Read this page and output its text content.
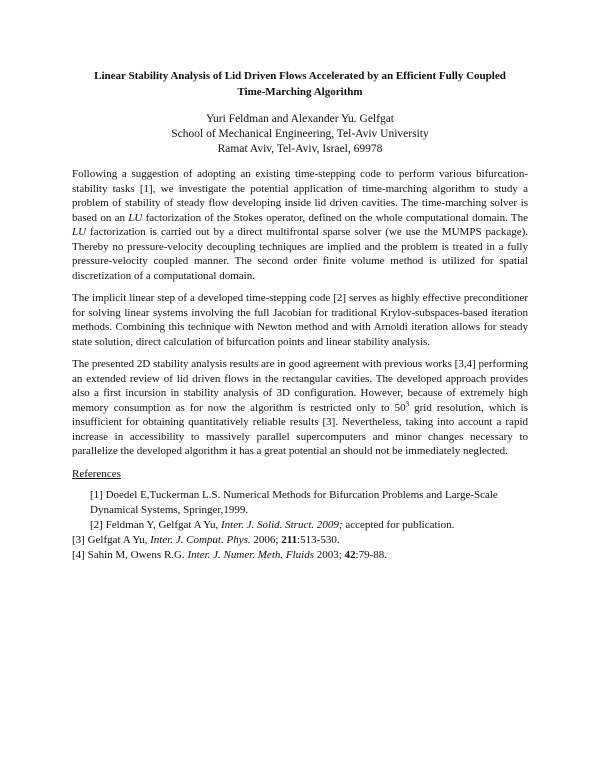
Linear Stability Analysis of Lid Driven Flows Accelerated by an Efficient Fully Coupled
Time-Marching Algorithm
Yuri Feldman and Alexander Yu. Gelfgat
School of Mechanical Engineering, Tel-Aviv University
Ramat Aviv, Tel-Aviv, Israel, 69978

Following a suggestion of adopting an existing time-stepping code to perform various bifurcation-stability tasks [1], we investigate the potential application of time-marching algorithm to study a problem of stability of steady flow developing inside lid driven cavities. The time-marching solver is based on an LU factorization of the Stokes operator, defined on the whole computational domain. The LU factorization is carried out by a direct multifrontal sparse solver (we use the MUMPS package). Thereby no pressure-velocity decoupling techniques are implied and the problem is treated in a fully pressure-velocity coupled manner. The second order finite volume method is utilized for spatial discretization of a computational domain.

The implicit linear step of a developed time-stepping code [2] serves as highly effective preconditioner for solving linear systems involving the full Jacobian for traditional Krylov-subspaces-based iteration methods. Combining this technique with Newton method and with Arnoldi iteration allows for steady state solution, direct calculation of bifurcation points and linear stability analysis.

The presented 2D stability analysis results are in good agreement with previous works [3,4] performing an extended review of lid driven flows in the rectangular cavities. The developed approach provides also a first incursion in stability analysis of 3D configuration. However, because of extremely high memory consumption as for now the algorithm is restricted only to $50^3$ grid resolution, which is insufficient for obtaining quantitatively reliable results [3]. Nevertheless, taking into account a rapid increase in accessibility to massively parallel supercomputers and minor changes necessary to parallelize the developed algorithm it has a great potential an should not be immediately neglected.

References

[1] Doedel E,Tuckerman L.S. Numerical Methods for Bifurcation Problems and Large-Scale
Dynamical Systems, Springer,1999.

[2] Feldman Y, Gelfgat A Yu, Inter. J. Solid. Struct. 2009; accepted for publication.

[3] Gelfgat A Yu, Inter. J. Comput. Phys. 2006; 211:513-530.

[4] Sahin M, Owens R.G. Inter. J. Numer. Meth. Fluids 2003; 42:79-88.
